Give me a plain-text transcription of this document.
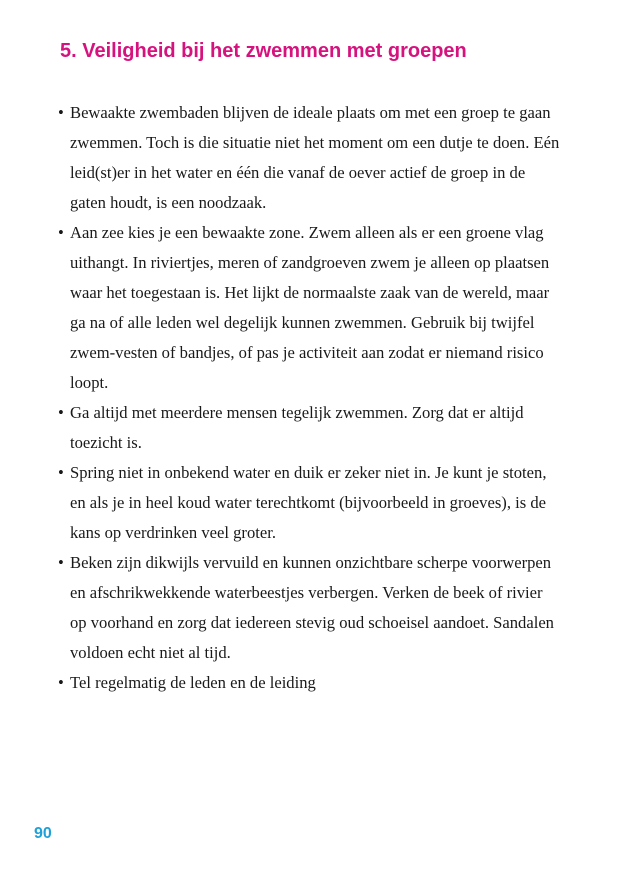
5. Veiligheid bij het zwemmen met groepen
• Bewaakte zwembaden blijven de ideale plaats om met een groep te gaan zwemmen. Toch is die situatie niet het moment om een dutje te doen. Eén leid(st)er in het water en één die vanaf de oever actief de groep in de gaten houdt, is een noodzaak.
• Aan zee kies je een bewaakte zone. Zwem alleen als er een groene vlag uithangt. In riviertjes, meren of zandgroeven zwem je alleen op plaatsen waar het toegestaan is. Het lijkt de normaalste zaak van de wereld, maar ga na of alle leden wel degelijk kunnen zwemmen. Gebruik bij twijfel zwem-vesten of bandjes, of pas je activiteit aan zodat er niemand risico loopt.
• Ga altijd met meerdere mensen tegelijk zwemmen. Zorg dat er altijd toezicht is.
• Spring niet in onbekend water en duik er zeker niet in. Je kunt je stoten, en als je in heel koud water terechtkomt (bijvoorbeeld in groeves), is de kans op verdrinken veel groter.
• Beken zijn dikwijls vervuild en kunnen onzichtbare scherpe voorwerpen en afschrikwekkende waterbeestjes verbergen. Verken de beek of rivier op voorhand en zorg dat iedereen stevig oud schoeisel aandoet. Sandalen voldoen echt niet al tijd.
• Tel regelmatig de leden en de leiding
90
